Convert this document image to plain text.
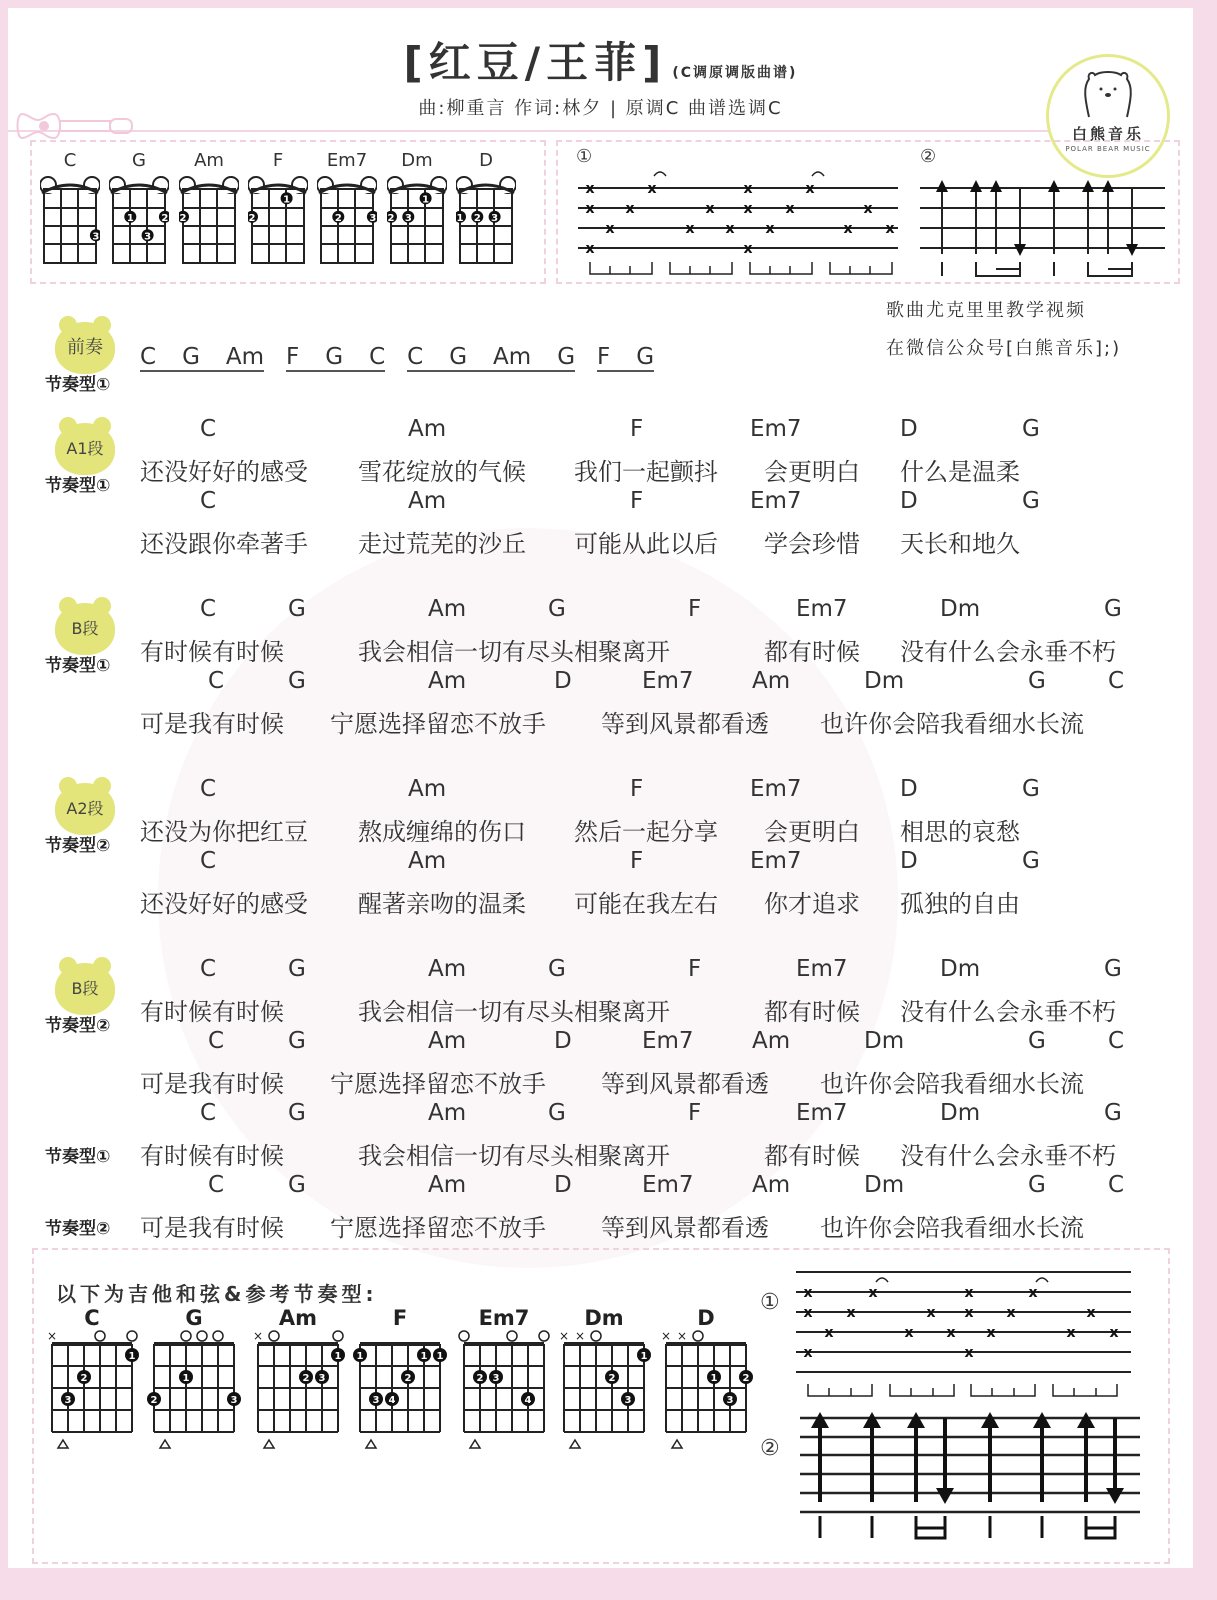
[红豆/王菲] (C调原调版曲谱)
曲:柳重言 作词:林夕 | 原调C 曲谱选调C
白熊音乐
POLAR BEAR MUSIC
C
3
G
1	2
3
Am
2
F
1
2
Em7
2	3
Dm
1
2 3
D
1 2 3
①
x	x	x	x
x x	x x x	x
x	x x x	x x
x	x
②
歌曲尤克里里教学视频
在微信公众号[白熊音乐];)
前奏
节奏型①
C G Am F G C C G Am G F G
A1段
节奏型①
C	Am	F	Em7	D	G
还没好好的感受 雪花绽放的气候 我们一起颤抖 会更明白 什么是温柔
C	Am	F	Em7	D	G
还没跟你牵著手 走过荒芜的沙丘 可能从此以后 学会珍惜 天长和地久
B段
节奏型①
C	G	Am	G	F	Em7	Dm	G
有时候有时候	我会相信一切有尽头 相聚离开	都有时候 没有什么会永垂不朽
C	G	Am	D	Em7	Am	Dm	G	C
可是我有时候 宁愿选择留恋不放手 等到风景都看透 也许你会陪我看细水长流
A2段
节奏型②
C	Am	F	Em7	D	G
还没为你把红豆 熬成缠绵的伤口 然后一起分享 会更明白 相思的哀愁
C	Am	F	Em7	D	G
还没好好的感受 醒著亲吻的温柔 可能在我左右 你才追求 孤独的自由
B段
节奏型②
C	G	Am	G	F	Em7	Dm	G
有时候有时候	我会相信一切有尽头 相聚离开	都有时候 没有什么会永垂不朽
C	G	Am	D	Em7	Am	Dm	G	C
可是我有时候 宁愿选择留恋不放手 等到风景都看透 也许你会陪我看细水长流
C	G	Am	G	F	Em7	Dm	G
有时候有时候	我会相信一切有尽头 相聚离开	都有时候 没有什么会永垂不朽
节奏型①
C	G	Am	D	Em7	Am	Dm	G	C
可是我有时候 宁愿选择留恋不放手 等到风景都看透 也许你会陪我看细水长流
节奏型②
以下为吉他和弦&参考节奏型:
C
×
1
2
3
G
1
2	3
Am
×
1
2 3
F
1	1 1
2
3 4
Em7
2 3
4
Dm
× ×
1
2
3
D
× ×
1	2
3
① x	x	x	x
x x	x x x	x
x	x x x	x x
x	x
②
